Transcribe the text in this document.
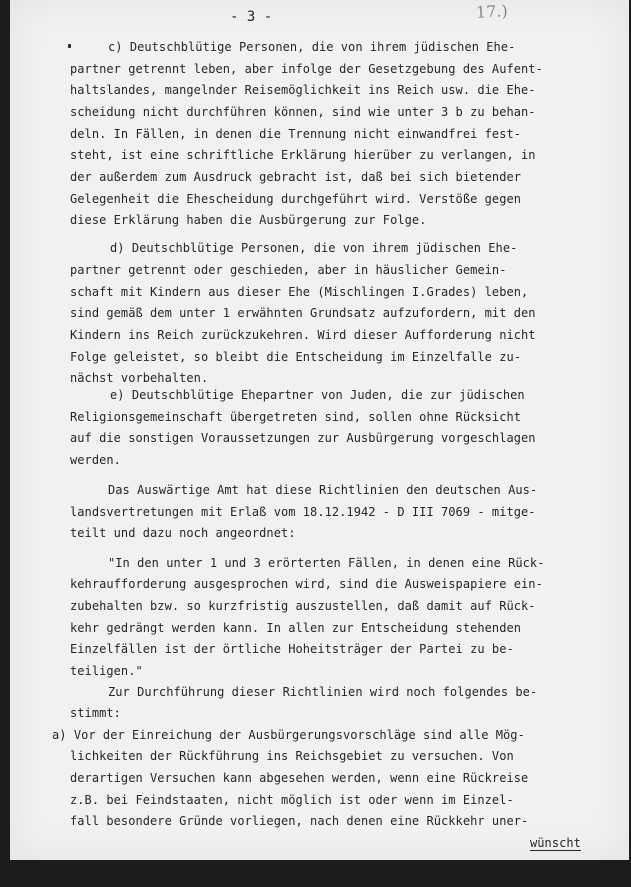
17.)
- 3 -
c) Deutschblütige Personen, die von ihrem jüdischen Ehe-
partner getrennt leben, aber infolge der Gesetzgebung des Aufent-
haltslandes, mangelnder Reisemöglichkeit ins Reich usw. die Ehe-
scheidung nicht durchführen können, sind wie unter 3 b zu behan-
deln. In Fällen, in denen die Trennung nicht einwandfrei fest-
steht, ist eine schriftliche Erklärung hierüber zu verlangen, in
der außerdem zum Ausdruck gebracht ist, daß bei sich bietender
Gelegenheit die Ehescheidung durchgeführt wird. Verstöße gegen
diese Erklärung haben die Ausbürgerung zur Folge.
d) Deutschblütige Personen, die von ihrem jüdischen Ehe-
partner getrennt oder geschieden, aber in häuslicher Gemein-
schaft mit Kindern aus dieser Ehe (Mischlingen I.Grades) leben,
sind gemäß dem unter 1 erwähnten Grundsatz aufzufordern, mit den
Kindern ins Reich zurückzukehren. Wird dieser Aufforderung nicht
Folge geleistet, so bleibt die Entscheidung im Einzelfalle zu-
nächst vorbehalten.
e) Deutschblütige Ehepartner von Juden, die zur jüdischen
Religionsgemeinschaft übergetreten sind, sollen ohne Rücksicht
auf die sonstigen Voraussetzungen zur Ausbürgerung vorgeschlagen
werden.
Das Auswärtige Amt hat diese Richtlinien den deutschen Aus-
landsvertretungen mit Erlaß vom 18.12.1942 - D III 7069 - mitge-
teilt und dazu noch angeordnet:
"In den unter 1 und 3 erörterten Fällen, in denen eine Rück-
kehraufforderung ausgesprochen wird, sind die Ausweispapiere ein-
zubehalten bzw. so kurzfristig auszustellen, daß damit auf Rück-
kehr gedrängt werden kann. In allen zur Entscheidung stehenden
Einzelfällen ist der örtliche Hoheitsträger der Partei zu be-
teiligen."
Zur Durchführung dieser Richtlinien wird noch folgendes be-
stimmt:
a) Vor der Einreichung der Ausbürgerungsvorschläge sind alle Mög-
lichkeiten der Rückführung ins Reichsgebiet zu versuchen. Von
derartigen Versuchen kann abgesehen werden, wenn eine Rückreise
z.B. bei Feindstaaten, nicht möglich ist oder wenn im Einzel-
fall besondere Gründe vorliegen, nach denen eine Rückkehr uner-
wünscht
